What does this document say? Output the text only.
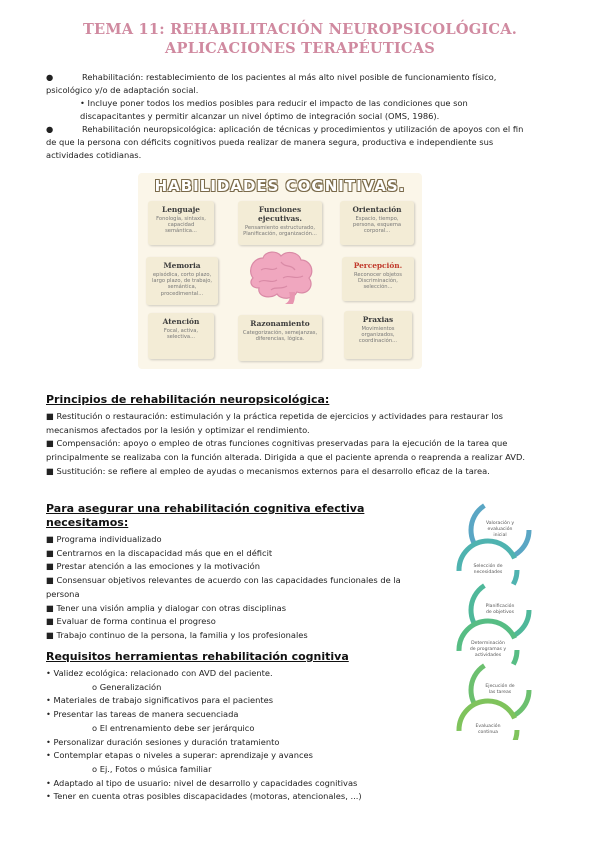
TEMA 11: REHABILITACIÓN NEUROPSICOLÓGICA.
APLICACIONES TERAPÉUTICAS

●	Rehabilitación: restablecimiento de los pacientes al más alto nivel posible de funcionamiento físico, psicológico y/o de adaptación social.

• Incluye poner todos los medios posibles para reducir el impacto de las condiciones que son discapacitantes y permitir alcanzar un nivel óptimo de integración social (OMS, 1986).

●	Rehabilitación neuropsicológica: aplicación de técnicas y procedimientos y utilización de apoyos con el fin de que la persona con déficits cognitivos pueda realizar de manera segura, productiva e independiente sus actividades cotidianas.

HABILIDADES COGNITIVAS.
Lenguaje
Fonología, sintaxis, capacidad semántica...
Funciones ejecutivas.
Pensamiento estructurado, Planificación, organización...
Orientación
Espacio, tiempo, persona, esquema corporal...
Memoria
episódica, corto plazo, largo plazo, de trabajo, semántica, procedimental...
Percepción.
Reconocer objetos Discriminación, selección...
Atención
Focal, activa, selectiva...
Razonamiento
Categorización, semejanzas, diferencias, lógica.
Praxias
Movimientos organizados, coordinación...
Principios de rehabilitación neuropsicológica:

■ Restitución o restauración: estimulación y la práctica repetida de ejercicios y actividades para restaurar los

mecanismos afectados por la lesión y optimizar el rendimiento.

■ Compensación: apoyo o empleo de otras funciones cognitivas preservadas para la ejecución de la tarea que

principalmente se realizaba con la función alterada. Dirigida a que el paciente aprenda o reaprenda a realizar AVD.

■ Sustitución: se refiere al empleo de ayudas o mecanismos externos para el desarrollo eficaz de la tarea.

Para asegurar una rehabilitación cognitiva efectiva necesitamos:

■ Programa individualizado

■ Centrarnos en la discapacidad más que en el déficit

■ Prestar atención a las emociones y la motivación

■ Consensuar objetivos relevantes de acuerdo con las capacidades funcionales de la

persona

■ Tener una visión amplia y dialogar con otras disciplinas

■ Evaluar de forma continua el progreso

■ Trabajo continuo de la persona, la familia y los profesionales

Requisitos herramientas rehabilitación cognitiva

• Validez ecológica: relacionado con AVD del paciente.

o Generalización

• Materiales de trabajo significativos para el pacientes

• Presentar las tareas de manera secuenciada

o El entrenamiento debe ser jerárquico

• Personalizar duración sesiones y duración tratamiento

• Contemplar etapas o niveles a superar: aprendizaje y avances

o Ej., Fotos o música familiar

• Adaptado al tipo de usuario: nivel de desarrollo y capacidades cognitivas

• Tener en cuenta otras posibles discapacidades (motoras, atencionales, ...)

Valoración y evaluación inicial
Selección de necesidades
Planificación de objetivos
Determinación de programas y actividades
Ejecución de las tareas
Evaluación continua
